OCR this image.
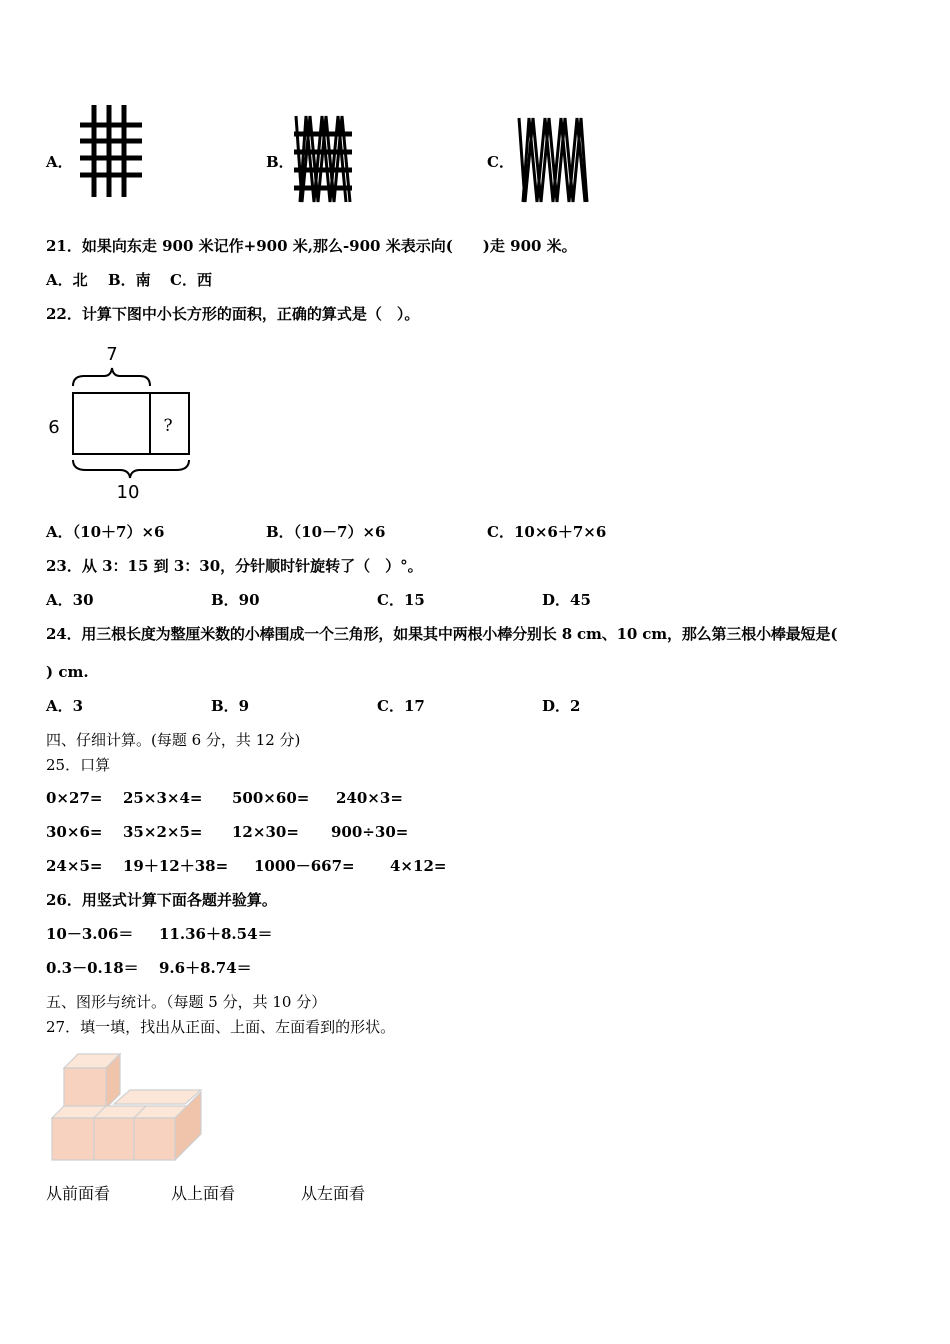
A．	B．	C．
21．如果向东走 900 米记作+900 米,那么-900 米表示向(　　)走 900 米。
A．北 B．南 C．西
22．计算下图中小长方形的面积，正确的算式是（　）。
7
6
10
?
A．（10＋7）×6	B．（10－7）×6	C．10×6＋7×6
23．从 3：15 到 3：30，分针顺时针旋转了（　）°。
A．30	B．90	C．15	D．45
24．用三根长度为整厘米数的小棒围成一个三角形，如果其中两根小棒分别长 8 cm、10 cm，那么第三根小棒最短是(
) cm.
A．3	B．9	C．17	D．2
四、仔细计算。(每题 6 分，共 12 分)
25．口算
0×27= 25×3×4= 500×60= 240×3=
30×6= 35×2×5= 12×30= 900÷30=
24×5= 19＋12＋38= 1000－667= 4×12=
26．用竖式计算下面各题并验算。
10－3.06＝ 11.36＋8.54＝
0.3－0.18＝ 9.6＋8.74＝
五、图形与统计。（每题 5 分，共 10 分）
27．填一填，找出从正面、上面、左面看到的形状。
从前面看	从上面看	从左面看
